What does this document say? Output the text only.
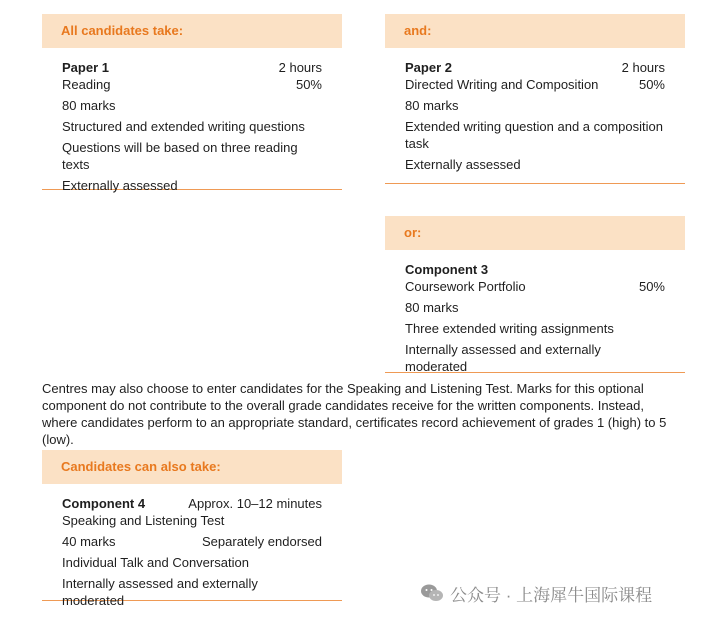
All candidates take:
Paper 1	2 hours
Reading	50%
80 marks
Structured and extended writing questions
Questions will be based on three reading texts
Externally assessed
and:
Paper 2	2 hours
Directed Writing and Composition	50%
80 marks
Extended writing question and a composition task
Externally assessed
or:
Component 3
Coursework Portfolio	50%
80 marks
Three extended writing assignments
Internally assessed and externally moderated
Centres may also choose to enter candidates for the Speaking and Listening Test. Marks for this optional component do not contribute to the overall grade candidates receive for the written components. Instead, where candidates perform to an appropriate standard, certificates record achievement of grades 1 (high) to 5 (low).
Candidates can also take:
Component 4	Approx. 10–12 minutes
Speaking and Listening Test
40 marks	Separately endorsed
Individual Talk and Conversation
Internally assessed and externally moderated	公众号 · 上海犀牛国际课程
